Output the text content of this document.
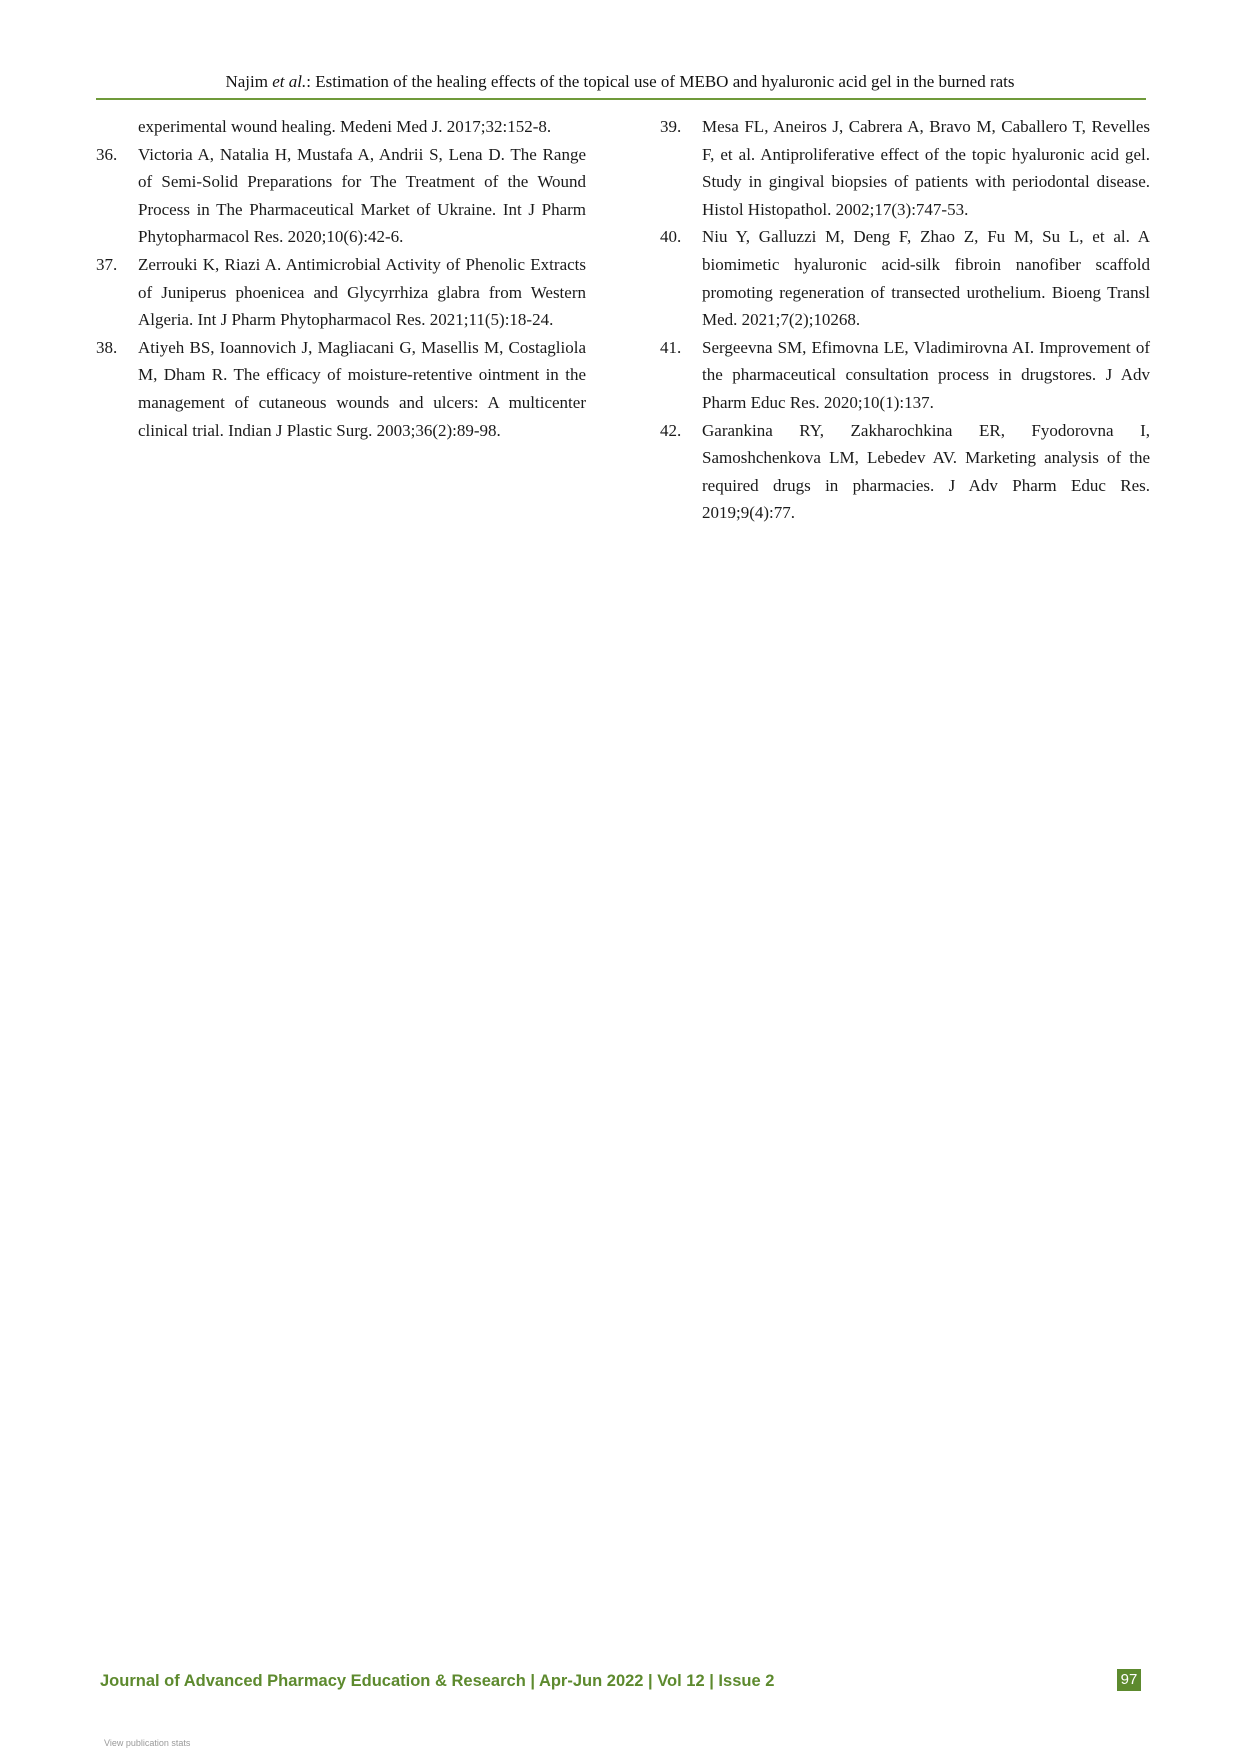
Najim et al.: Estimation of the healing effects of the topical use of MEBO and hyaluronic acid gel in the burned rats
experimental wound healing. Medeni Med J. 2017;32:152-8.
36. Victoria A, Natalia H, Mustafa A, Andrii S, Lena D. The Range of Semi-Solid Preparations for The Treatment of the Wound Process in The Pharmaceutical Market of Ukraine. Int J Pharm Phytopharmacol Res. 2020;10(6):42-6.
37. Zerrouki K, Riazi A. Antimicrobial Activity of Phenolic Extracts of Juniperus phoenicea and Glycyrrhiza glabra from Western Algeria. Int J Pharm Phytopharmacol Res. 2021;11(5):18-24.
38. Atiyeh BS, Ioannovich J, Magliacani G, Masellis M, Costagliola M, Dham R. The efficacy of moisture-retentive ointment in the management of cutaneous wounds and ulcers: A multicenter clinical trial. Indian J Plastic Surg. 2003;36(2):89-98.
39. Mesa FL, Aneiros J, Cabrera A, Bravo M, Caballero T, Revelles F, et al. Antiproliferative effect of the topic hyaluronic acid gel. Study in gingival biopsies of patients with periodontal disease. Histol Histopathol. 2002;17(3):747-53.
40. Niu Y, Galluzzi M, Deng F, Zhao Z, Fu M, Su L, et al. A biomimetic hyaluronic acid-silk fibroin nanofiber scaffold promoting regeneration of transected urothelium. Bioeng Transl Med. 2021;7(2);10268.
41. Sergeevna SM, Efimovna LE, Vladimirovna AI. Improvement of the pharmaceutical consultation process in drugstores. J Adv Pharm Educ Res. 2020;10(1):137.
42. Garankina RY, Zakharochkina ER, Fyodorovna I, Samoshchenkova LM, Lebedev AV. Marketing analysis of the required drugs in pharmacies. J Adv Pharm Educ Res. 2019;9(4):77.
Journal of Advanced Pharmacy Education & Research | Apr-Jun 2022 | Vol 12 | Issue 2	97
View publication stats
